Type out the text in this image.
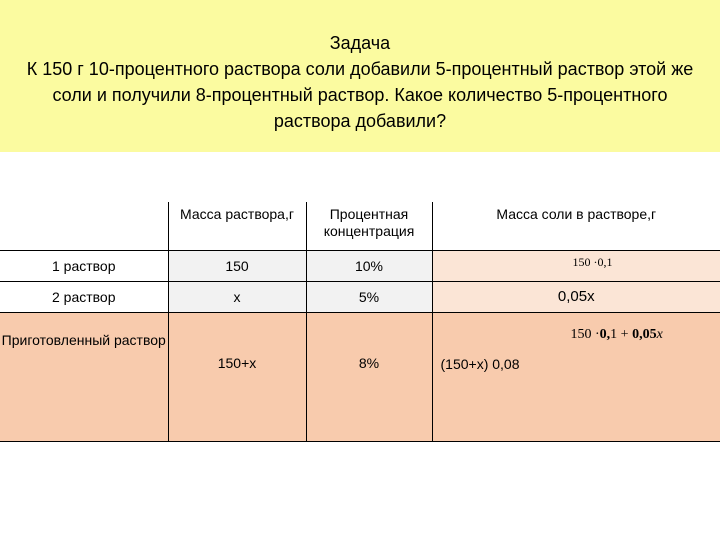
Задача
К 150 г 10-процентного раствора соли добавили 5-процентный раствор этой же
соли и получили 8-процентный раствор. Какое количество 5-процентного
раствора добавили?

	Масса раствора,г	Процентная концентрация	Масса соли в растворе,г

1 раствор	150	10%	150 ·0,1

2 раствор	х	5%	0,05х

Приготовленный раствор	150+х	8%	150 ·0,1 + 0,05x
(150+х) 0,08
